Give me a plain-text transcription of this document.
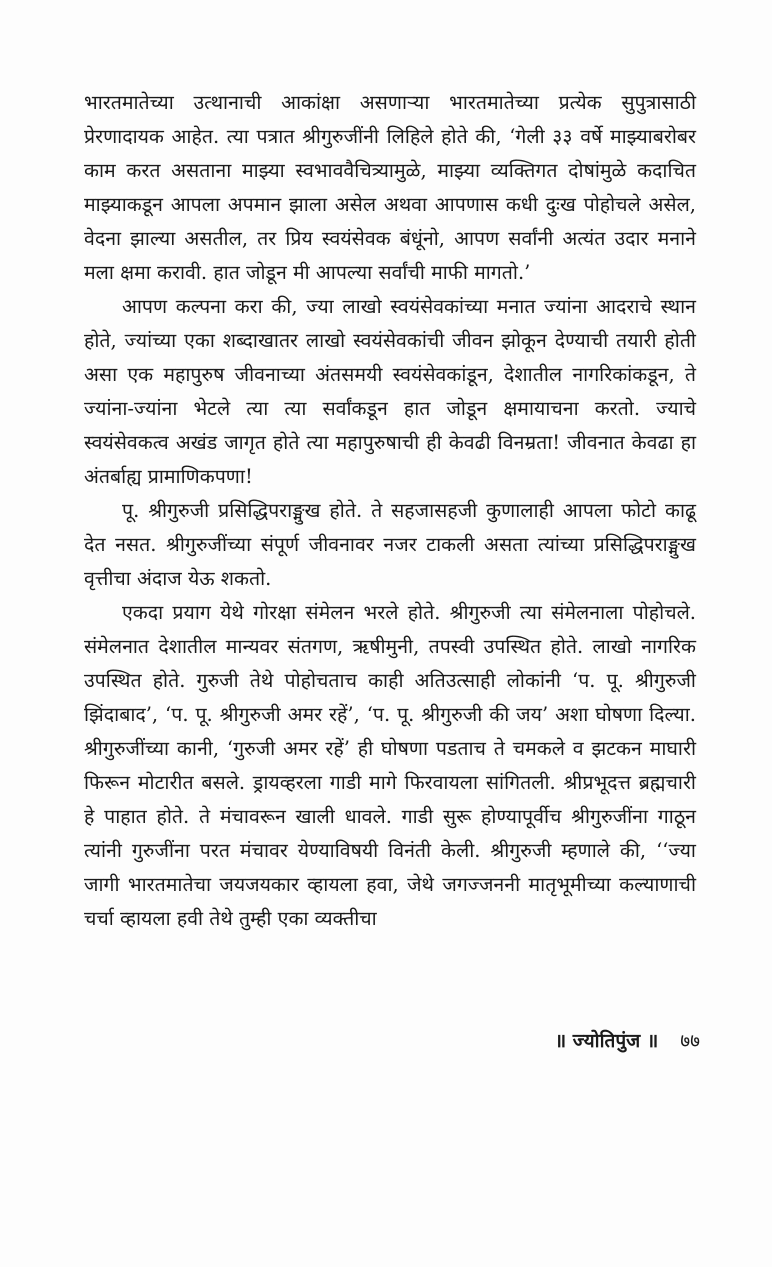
भारतमातेच्या उत्थानाची आकांक्षा असणाऱ्या भारतमातेच्या प्रत्येक सुपुत्रासाठी प्रेरणादायक आहेत. त्या पत्रात श्रीगुरुजींनी लिहिले होते की, ‘गेली ३३ वर्षे माझ्याबरोबर काम करत असताना माझ्या स्वभाववैचित्र्यामुळे, माझ्या व्यक्तिगत दोषांमुळे कदाचित माझ्याकडून आपला अपमान झाला असेल अथवा आपणास कधी दुःख पोहोचले असेल, वेदना झाल्या असतील, तर प्रिय स्वयंसेवक बंधूंनो, आपण सर्वांनी अत्यंत उदार मनाने मला क्षमा करावी. हात जोडून मी आपल्या सर्वांची माफी मागतो.’

आपण कल्पना करा की, ज्या लाखो स्वयंसेवकांच्या मनात ज्यांना आदराचे स्थान होते, ज्यांच्या एका शब्दाखातर लाखो स्वयंसेवकांची जीवन झोकून देण्याची तयारी होती असा एक महापुरुष जीवनाच्या अंतसमयी स्वयंसेवकांडून, देशातील नागरिकांकडून, ते ज्यांना-ज्यांना भेटले त्या त्या सर्वांकडून हात जोडून क्षमायाचना करतो. ज्याचे स्वयंसेवकत्व अखंड जागृत होते त्या महापुरुषाची ही केवढी विनम्रता! जीवनात केवढा हा अंतर्बाह्य प्रामाणिकपणा!

पू. श्रीगुरुजी प्रसिद्धिपराङ्मुख होते. ते सहजासहजी कुणालाही आपला फोटो काढू देत नसत. श्रीगुरुजींच्या संपूर्ण जीवनावर नजर टाकली असता त्यांच्या प्रसिद्धिपराङ्मुख वृत्तीचा अंदाज येऊ शकतो.

एकदा प्रयाग येथे गोरक्षा संमेलन भरले होते. श्रीगुरुजी त्या संमेलनाला पोहोचले. संमेलनात देशातील मान्यवर संतगण, ऋषीमुनी, तपस्वी उपस्थित होते. लाखो नागरिक उपस्थित होते. गुरुजी तेथे पोहोचताच काही अतिउत्साही लोकांनी ‘प. पू. श्रीगुरुजी झिंदाबाद’, ‘प. पू. श्रीगुरुजी अमर रहें’, ‘प. पू. श्रीगुरुजी की जय’ अशा घोषणा दिल्या. श्रीगुरुजींच्या कानी, ‘गुरुजी अमर रहें’ ही घोषणा पडताच ते चमकले व झटकन माघारी फिरून मोटारीत बसले. ड्रायव्हरला गाडी मागे फिरवायला सांगितली. श्रीप्रभूदत्त ब्रह्मचारी हे पाहात होते. ते मंचावरून खाली धावले. गाडी सुरू होण्यापूर्वीच श्रीगुरुजींना गाठून त्यांनी गुरुजींना परत मंचावर येण्याविषयी विनंती केली. श्रीगुरुजी म्हणाले की, ‘‘ज्या जागी भारतमातेचा जयजयकार व्हायला हवा, जेथे जगज्जननी मातृभूमीच्या कल्याणाची चर्चा व्हायला हवी तेथे तुम्ही एका व्यक्तीचा

॥ ज्योतिपुंज ॥ ७७
